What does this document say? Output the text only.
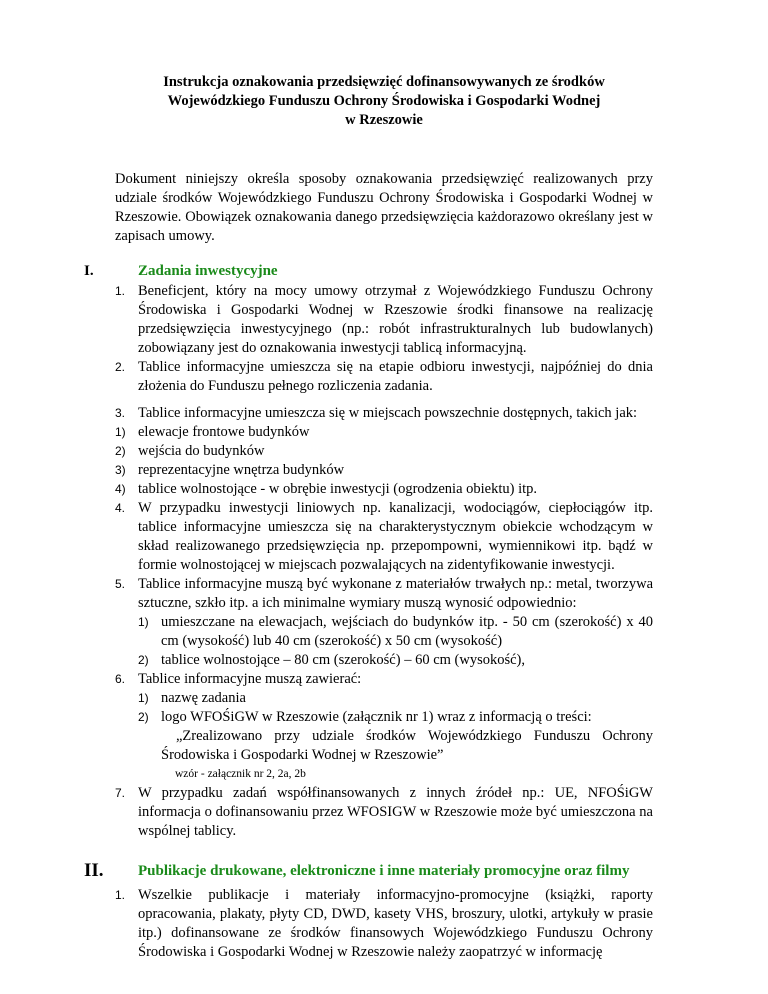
Instrukcja oznakowania przedsięwzięć dofinansowywanych ze środków
Wojewódzkiego Funduszu Ochrony Środowiska i Gospodarki Wodnej
w Rzeszowie
Dokument niniejszy określa sposoby oznakowania przedsięwzięć realizowanych przy udziale środków Wojewódzkiego Funduszu Ochrony Środowiska i Gospodarki Wodnej w Rzeszowie. Obowiązek oznakowania danego przedsięwzięcia każdorazowo określany jest w zapisach umowy.
I.	Zadania inwestycyjne
1. Beneficjent, który na mocy umowy otrzymał z Wojewódzkiego Funduszu Ochrony Środowiska i Gospodarki Wodnej w Rzeszowie środki finansowe na realizację przedsięwzięcia inwestycyjnego (np.: robót infrastrukturalnych lub budowlanych) zobowiązany jest do oznakowania inwestycji tablicą informacyjną.
2. Tablice informacyjne umieszcza się na etapie odbioru inwestycji, najpóźniej do dnia złożenia do Funduszu pełnego rozliczenia zadania.
3. Tablice informacyjne umieszcza się w miejscach powszechnie dostępnych, takich jak:
1) elewacje frontowe budynków
2) wejścia do budynków
3) reprezentacyjne wnętrza budynków
4) tablice wolnostojące - w obrębie inwestycji (ogrodzenia obiektu) itp.
4. W przypadku inwestycji liniowych np. kanalizacji, wodociągów, ciepłociągów itp. tablice informacyjne umieszcza się na charakterystycznym obiekcie wchodzącym w skład realizowanego przedsięwzięcia np. przepompowni, wymiennikowi itp. bądź w formie wolnostojącej w miejscach pozwalających na zidentyfikowanie inwestycji.
5. Tablice informacyjne muszą być wykonane z materiałów trwałych np.: metal, tworzywa sztuczne, szkło itp. a ich minimalne wymiary muszą wynosić odpowiednio:
1) umieszczane na elewacjach, wejściach do budynków itp. - 50 cm (szerokość) x 40 cm (wysokość) lub 40 cm (szerokość) x 50 cm (wysokość)
2) tablice wolnostojące – 80 cm (szerokość) – 60 cm (wysokość),
6. Tablice informacyjne muszą zawierać:
1) nazwę zadania
2) logo WFOŚiGW w Rzeszowie (załącznik nr 1) wraz z informacją o treści:
„Zrealizowano przy udziale środków Wojewódzkiego Funduszu Ochrony Środowiska i Gospodarki Wodnej w Rzeszowie”
wzór - załącznik nr 2, 2a, 2b
7. W przypadku zadań współfinansowanych z innych źródeł np.: UE, NFOŚiGW informacja o dofinansowaniu przez WFOSIGW w Rzeszowie może być umieszczona na wspólnej tablicy.
II. Publikacje drukowane, elektroniczne i inne materiały promocyjne oraz filmy
1. Wszelkie publikacje i materiały informacyjno-promocyjne (książki, raporty opracowania, plakaty, płyty CD, DWD, kasety VHS, broszury, ulotki, artykuły w prasie itp.) dofinansowane ze środków finansowych Wojewódzkiego Funduszu Ochrony Środowiska i Gospodarki Wodnej w Rzeszowie należy zaopatrzyć w informację
